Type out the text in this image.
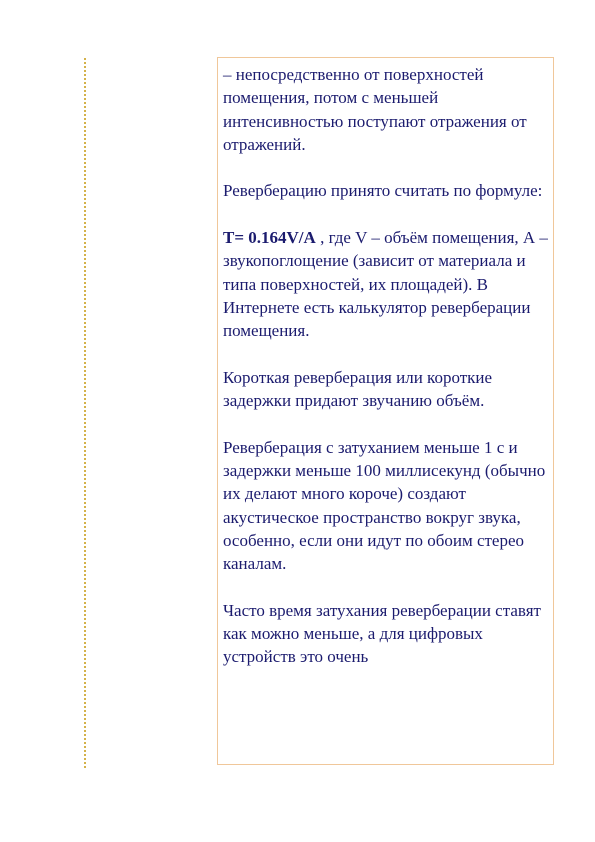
– непосредственно от поверхностей помещения, потом с меньшей интенсивностью поступают отражения от отражений.

Реверберацию принято считать по формуле:

T= 0.164V/A , где V – объём помещения, А – звукопоглощение (зависит от материала и типа поверхностей, их площадей). В Интернете есть калькулятор реверберации помещения.

Короткая реверберация или короткие задержки придают звучанию объём.

Реверберация с затуханием меньше 1 с и задержки меньше 100 миллисекунд (обычно их делают много короче) создают акустическое пространство вокруг звука, особенно, если они идут по обоим стерео каналам.

Часто время затухания реверберации ставят как можно меньше, а для цифровых устройств это очень
